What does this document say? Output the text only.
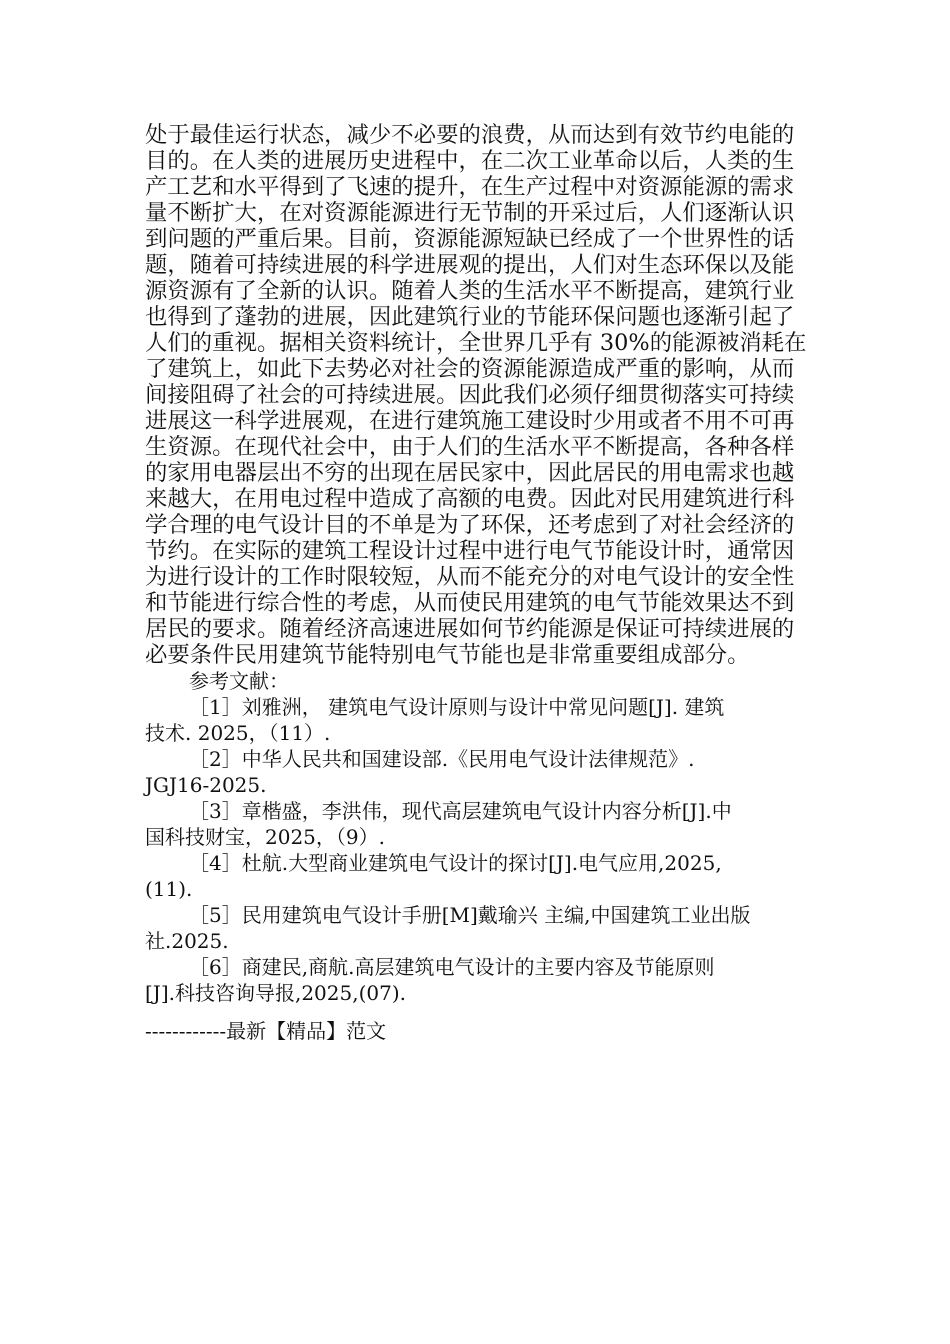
处于最佳运行状态，减少不必要的浪费，从而达到有效节约电能的
目的。在人类的进展历史进程中，在二次工业革命以后，人类的生
产工艺和水平得到了飞速的提升，在生产过程中对资源能源的需求
量不断扩大，在对资源能源进行无节制的开采过后，人们逐渐认识
到问题的严重后果。目前，资源能源短缺已经成了一个世界性的话
题，随着可持续进展的科学进展观的提出，人们对生态环保以及能
源资源有了全新的认识。随着人类的生活水平不断提高，建筑行业
也得到了蓬勃的进展，因此建筑行业的节能环保问题也逐渐引起了
人们的重视。据相关资料统计，全世界几乎有 30%的能源被消耗在
了建筑上，如此下去势必对社会的资源能源造成严重的影响，从而
间接阻碍了社会的可持续进展。因此我们必须仔细贯彻落实可持续
进展这一科学进展观，在进行建筑施工建设时少用或者不用不可再
生资源。在现代社会中，由于人们的生活水平不断提高，各种各样
的家用电器层出不穷的出现在居民家中，因此居民的用电需求也越
来越大，在用电过程中造成了高额的电费。因此对民用建筑进行科
学合理的电气设计目的不单是为了环保，还考虑到了对社会经济的
节约。在实际的建筑工程设计过程中进行电气节能设计时，通常因
为进行设计的工作时限较短，从而不能充分的对电气设计的安全性
和节能进行综合性的考虑，从而使民用建筑的电气节能效果达不到
居民的要求。随着经济高速进展如何节约能源是保证可持续进展的
必要条件民用建筑节能特别电气节能也是非常重要组成部分。
参考文献：
［1］刘雅洲， 建筑电气设计原则与设计中常见问题[J]. 建筑
技术. 2025，（11）.
［2］中华人民共和国建设部.《民用电气设计法律规范》.
JGJ16-2025.
［3］章楷盛，李洪伟，现代高层建筑电气设计内容分析[J].中
国科技财宝，2025，（9）.
［4］杜航.大型商业建筑电气设计的探讨[J].电气应用,2025,
(11).
［5］民用建筑电气设计手册[M]戴瑜兴 主编,中国建筑工业出版
社.2025.
［6］商建民,商航.高层建筑电气设计的主要内容及节能原则
[J].科技咨询导报,2025,(07).
------------最新【精品】范文
